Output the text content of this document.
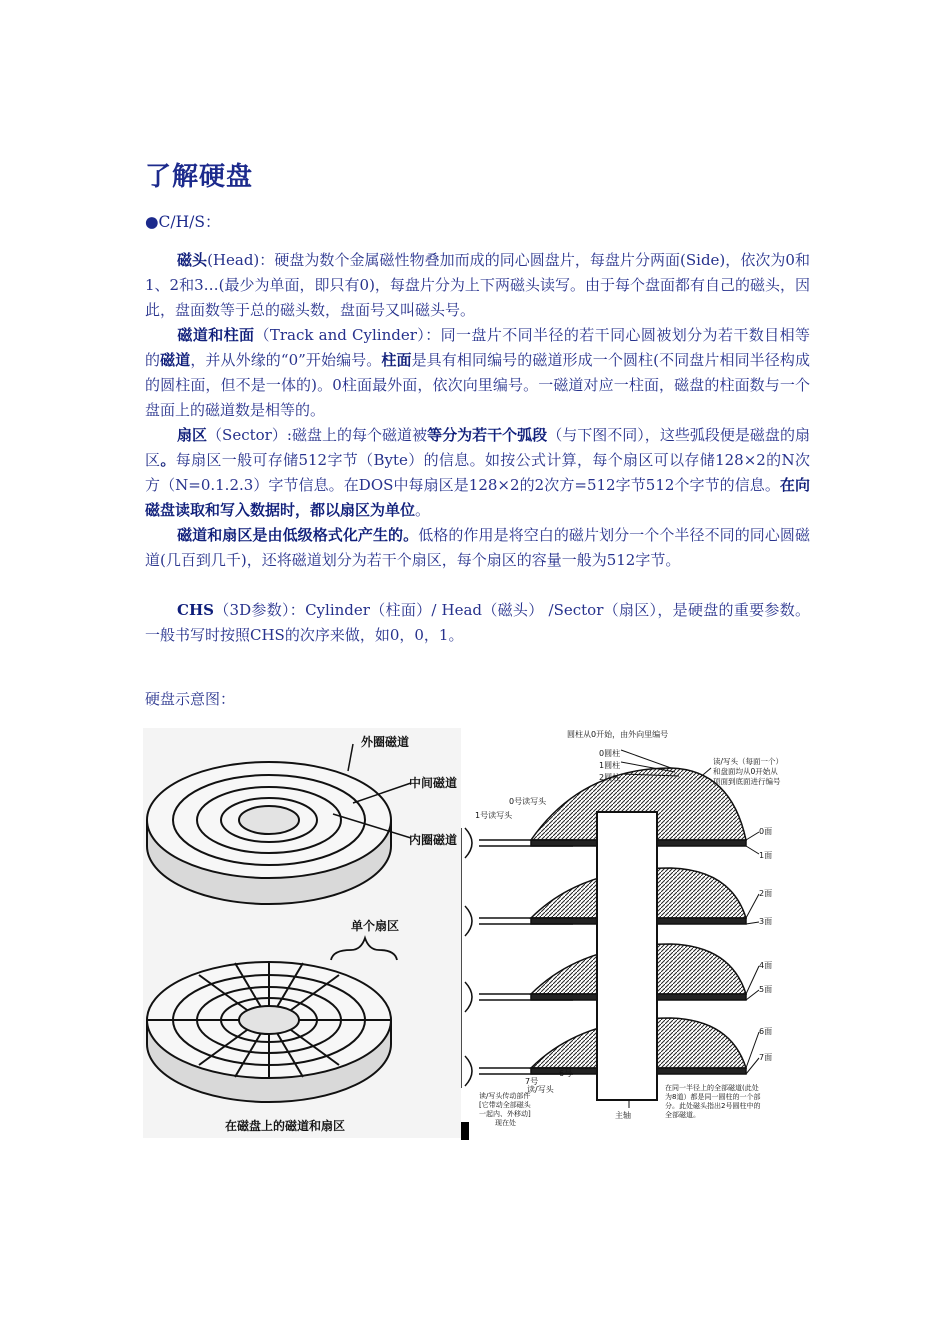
了解硬盘
●C/H/S：
磁头(Head)：硬盘为数个金属磁性物叠加而成的同心圆盘片，每盘片分两面(Side)，依次为0和1、2和3…(最少为单面，即只有0)，每盘片分为上下两磁头读写。由于每个盘面都有自己的磁头，因此，盘面数等于总的磁头数，盘面号又叫磁头号。
磁道和柱面（Track and Cylinder）：同一盘片不同半径的若干同心圆被划分为若干数目相等的磁道，并从外缘的“0”开始编号。柱面是具有相同编号的磁道形成一个圆柱(不同盘片相同半径构成的圆柱面，但不是一体的)。0柱面最外面，依次向里编号。一磁道对应一柱面，磁盘的柱面数与一个盘面上的磁道数是相等的。
扇区（Sector）:磁盘上的每个磁道被等分为若干个弧段（与下图不同），这些弧段便是磁盘的扇区。每扇区一般可存储512字节（Byte）的信息。如按公式计算，每个扇区可以存储128×2的N次方（N=0.1.2.3）字节信息。在DOS中每扇区是128×2的2次方=512字节512个字节的信息。在向磁盘读取和写入数据时，都以扇区为单位。
磁道和扇区是由低级格式化产生的。低格的作用是将空白的磁片划分一个个半径不同的同心圆磁道(几百到几千)，还将磁道划分为若干个扇区，每个扇区的容量一般为512字节。
CHS（3D参数）：Cylinder（柱面）/ Head（磁头） /Sector（扇区），是硬盘的重要参数。一般书写时按照CHS的次序来做，如0，0，1。
硬盘示意图：
外圈磁道
中间磁道
内圈磁道
单个扇区
在磁盘上的磁道和扇区
圆柱从0开始，由外向里编号
0圆柱
1圆柱
2圆柱
读/写头（每面一个）
和盘面均从0开始从
顶面到底面进行编号
0号读写头
1号读写头
0面
1面
2面
3面
4面
5面
6面
7面
7号
6号
读/写头
主轴
读/写头传动部件
[它带动全部磁头
一起内、外移动]
现在处
在同一半径上的全部磁道(此处
为8道）都是同一圆柱的一个部
分。此处磁头指出2号圆柱中的
全部磁道。
